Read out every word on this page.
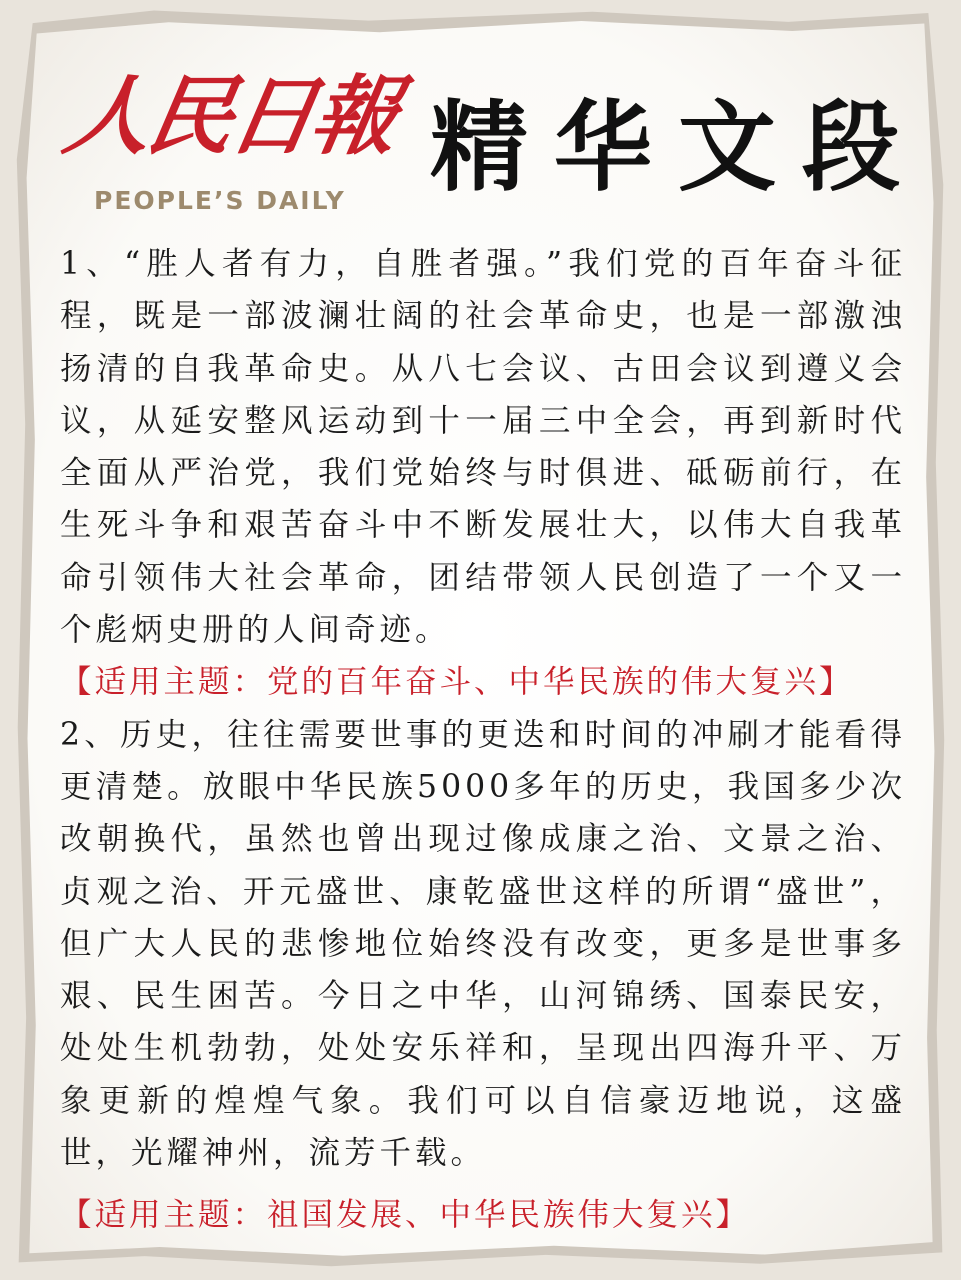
人民日報
PEOPLE’S DAILY 精华文段

1、“胜人者有力，自胜者强。”我们党的百年奋斗征程，既是一部波澜壮阔的社会革命史，也是一部激浊扬清的自我革命史。从八七会议、古田会议到遵义会议，从延安整风运动到十一届三中全会，再到新时代全面从严治党，我们党始终与时俱进、砥砺前行，在生死斗争和艰苦奋斗中不断发展壮大，以伟大自我革命引领伟大社会革命，团结带领人民创造了一个又一个彪炳史册的人间奇迹。

【适用主题：党的百年奋斗、中华民族的伟大复兴】

2、历史，往往需要世事的更迭和时间的冲刷才能看得更清楚。放眼中华民族5000多年的历史，我国多少次改朝换代，虽然也曾出现过像成康之治、文景之治、贞观之治、开元盛世、康乾盛世这样的所谓“盛世”，但广大人民的悲惨地位始终没有改变，更多是世事多艰、民生困苦。今日之中华，山河锦绣、国泰民安，处处生机勃勃，处处安乐祥和，呈现出四海升平、万象更新的煌煌气象。我们可以自信豪迈地说，这盛世，光耀神州，流芳千载。

【适用主题：祖国发展、中华民族伟大复兴】
